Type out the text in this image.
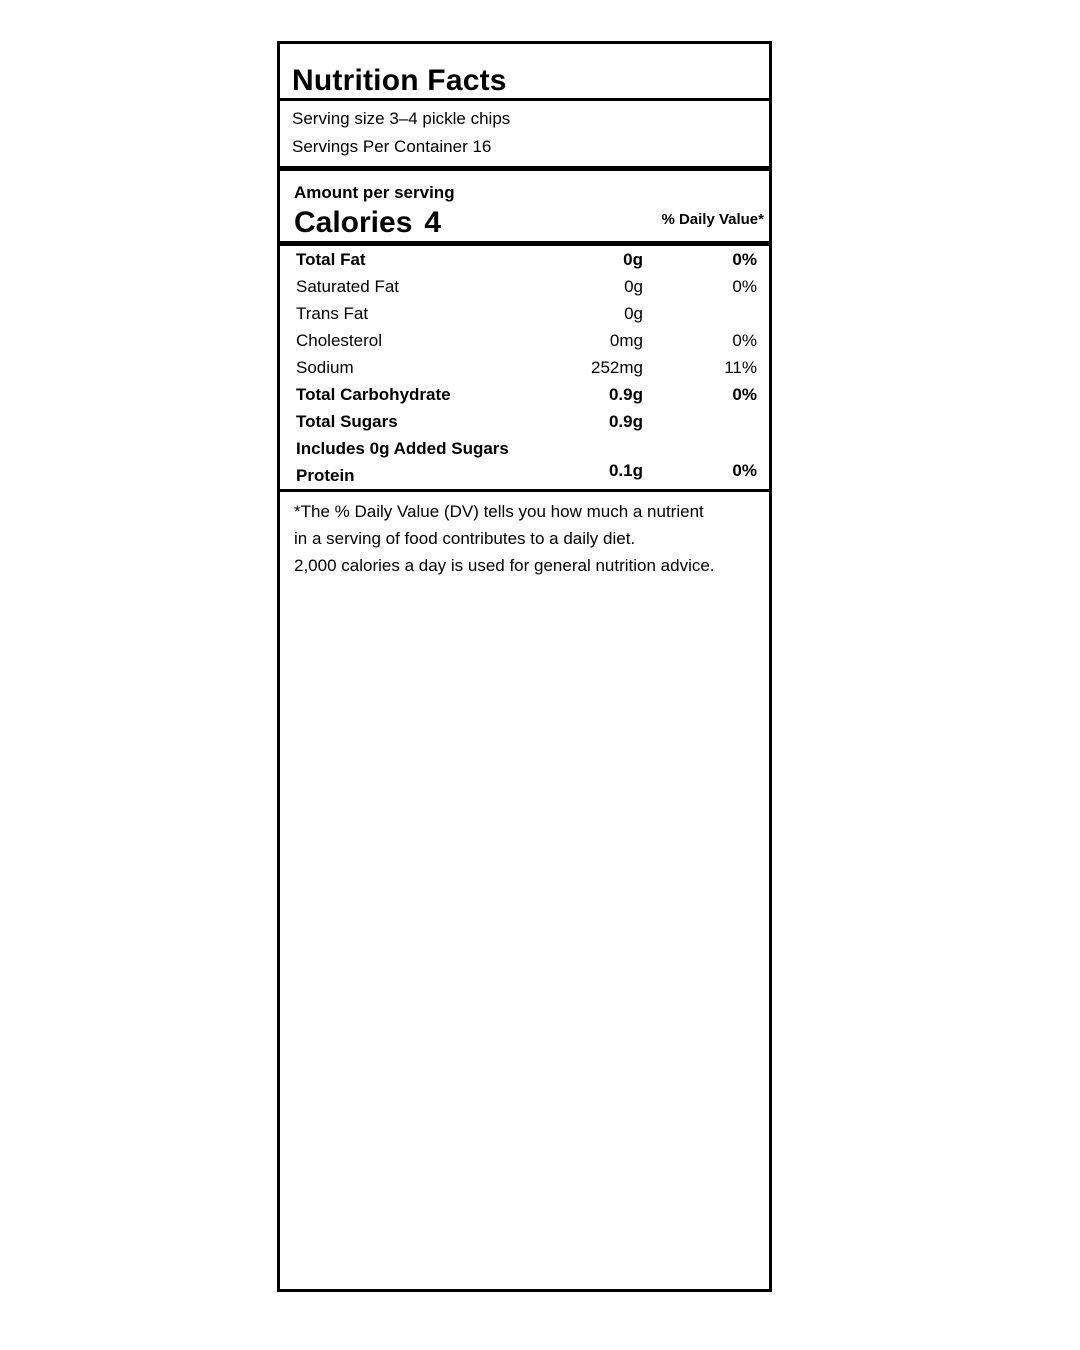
Nutrition Facts
Serving size 3–4 pickle chips
Servings Per Container 16
Amount per serving
Calories 4	% Daily Value*
Total Fat	0g	0%
Saturated Fat	0g	0%
Trans Fat	0g
Cholesterol	0mg	0%
Sodium	252mg	11%
Total Carbohydrate	0.9g	0%
Total Sugars	0.9g
Includes 0g Added Sugars
Protein	0.1g	0%
*The % Daily Value (DV) tells you how much a nutrient
in a serving of food contributes to a daily diet.
2,000 calories a day is used for general nutrition advice.
